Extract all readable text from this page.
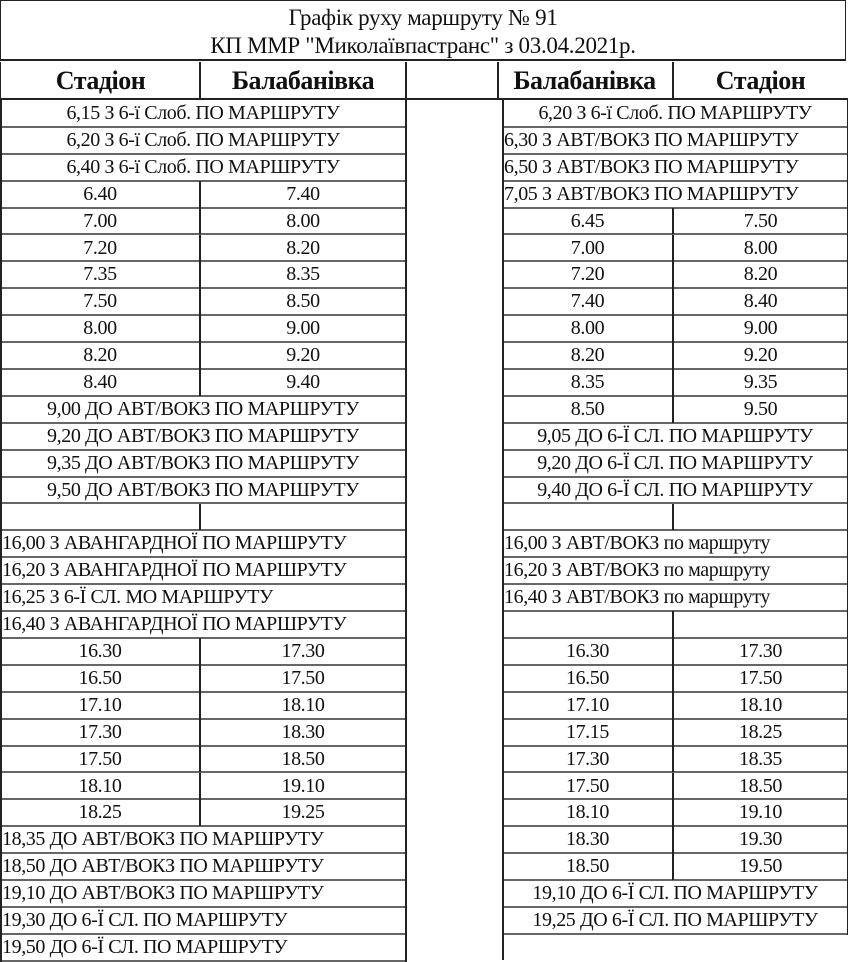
Графік руху маршруту № 91
КП ММР "Миколаївпастранс" з 03.04.2021р.
Стадіон	Балабанівка	Балабанівка	Стадіон
6,15 З 6-ї Слоб. ПО МАРШРУТУ
6,20 З 6-ї Слоб. ПО МАРШРУТУ
6,40 З 6-ї Слоб. ПО МАРШРУТУ
6.40	7.40
7.00	8.00
7.20	8.20
7.35	8.35
7.50	8.50
8.00	9.00
8.20	9.20
8.40	9.40
9,00 ДО АВТ/ВОКЗ ПО МАРШРУТУ
9,20 ДО АВТ/ВОКЗ ПО МАРШРУТУ
9,35 ДО АВТ/ВОКЗ ПО МАРШРУТУ
9,50 ДО АВТ/ВОКЗ ПО МАРШРУТУ
16,00 З АВАНГАРДНОЇ ПО МАРШРУТУ
16,20 З АВАНГАРДНОЇ ПО МАРШРУТУ
16,25 З 6-Ї СЛ. МО МАРШРУТУ
16,40 З АВАНГАРДНОЇ ПО МАРШРУТУ
16.30	17.30
16.50	17.50
17.10	18.10
17.30	18.30
17.50	18.50
18.10	19.10
18.25	19.25
18,35 ДО АВТ/ВОКЗ ПО МАРШРУТУ
18,50 ДО АВТ/ВОКЗ ПО МАРШРУТУ
19,10 ДО АВТ/ВОКЗ ПО МАРШРУТУ
19,30 ДО 6-Ї СЛ. ПО МАРШРУТУ
19,50 ДО 6-Ї СЛ. ПО МАРШРУТУ
6,20 З 6-ї Слоб. ПО МАРШРУТУ
6,30 З АВТ/ВОКЗ ПО МАРШРУТУ
6,50 З АВТ/ВОКЗ ПО МАРШРУТУ
7,05 З АВТ/ВОКЗ ПО МАРШРУТУ
6.45	7.50
7.00	8.00
7.20	8.20
7.40	8.40
8.00	9.00
8.20	9.20
8.35	9.35
8.50	9.50
9,05 ДО 6-Ї СЛ. ПО МАРШРУТУ
9,20 ДО 6-Ї СЛ. ПО МАРШРУТУ
9,40 ДО 6-Ї СЛ. ПО МАРШРУТУ
16,00 З АВТ/ВОКЗ по маршруту
16,20 З АВТ/ВОКЗ по маршруту
16,40 З АВТ/ВОКЗ по маршруту
16.30	17.30
16.50	17.50
17.10	18.10
17.15	18.25
17.30	18.35
17.50	18.50
18.10	19.10
18.30	19.30
18.50	19.50
19,10 ДО 6-Ї СЛ. ПО МАРШРУТУ
19,25 ДО 6-Ї СЛ. ПО МАРШРУТУ
